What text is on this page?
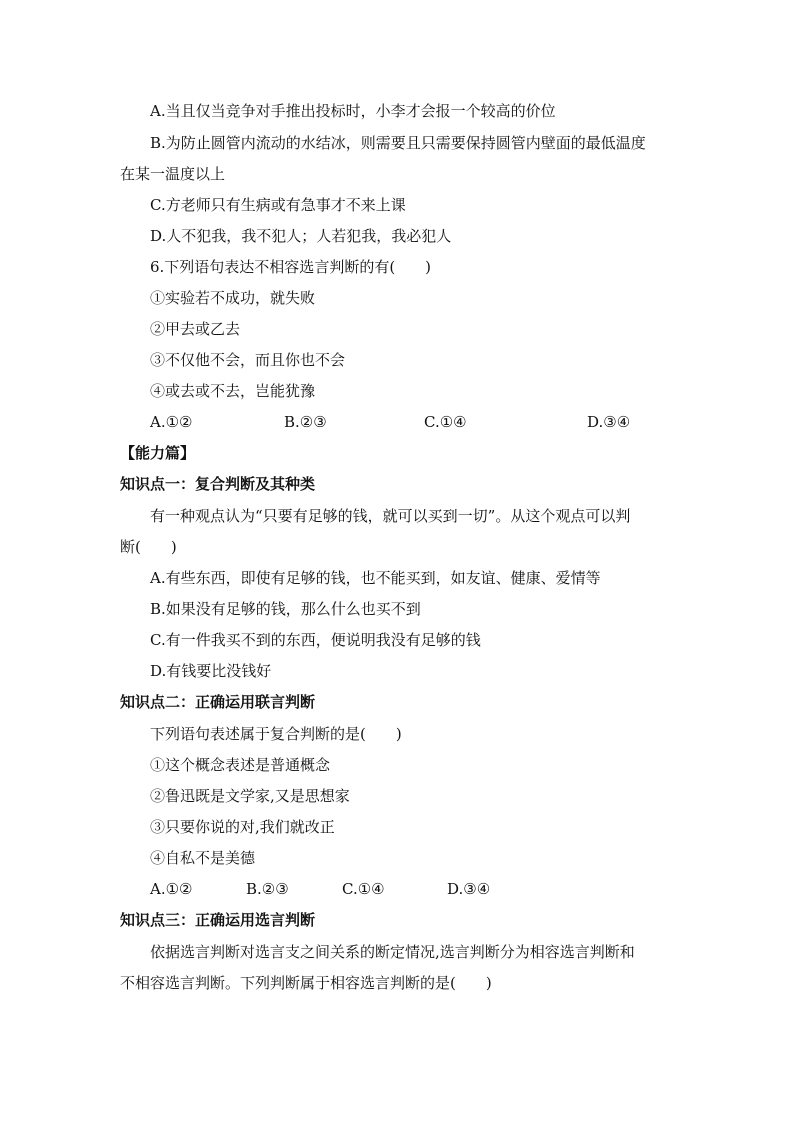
A.当且仅当竞争对手推出投标时，小李才会报一个较高的价位
B.为防止圆管内流动的水结冰，则需要且只需要保持圆管内壁面的最低温度
在某一温度以上
C.方老师只有生病或有急事才不来上课
D.人不犯我，我不犯人；人若犯我，我必犯人
6.下列语句表达不相容选言判断的有(　　)
①实验若不成功，就失败
②甲去或乙去
③不仅他不会，而且你也不会
④或去或不去，岂能犹豫
A.①②	B.②③	C.①④	D.③④
【能力篇】
知识点一：复合判断及其种类
有一种观点认为“只要有足够的钱，就可以买到一切”。从这个观点可以判
断(　　)
A.有些东西，即使有足够的钱，也不能买到，如友谊、健康、爱情等
B.如果没有足够的钱，那么什么也买不到
C.有一件我买不到的东西，便说明我没有足够的钱
D.有钱要比没钱好
知识点二：正确运用联言判断
下列语句表述属于复合判断的是(　　)
①这个概念表述是普通概念
②鲁迅既是文学家,又是思想家
③只要你说的对,我们就改正
④自私不是美德
A.①②	B.②③	C.①④	D.③④
知识点三：正确运用选言判断
依据选言判断对选言支之间关系的断定情况,选言判断分为相容选言判断和
不相容选言判断。下列判断属于相容选言判断的是(　　)
